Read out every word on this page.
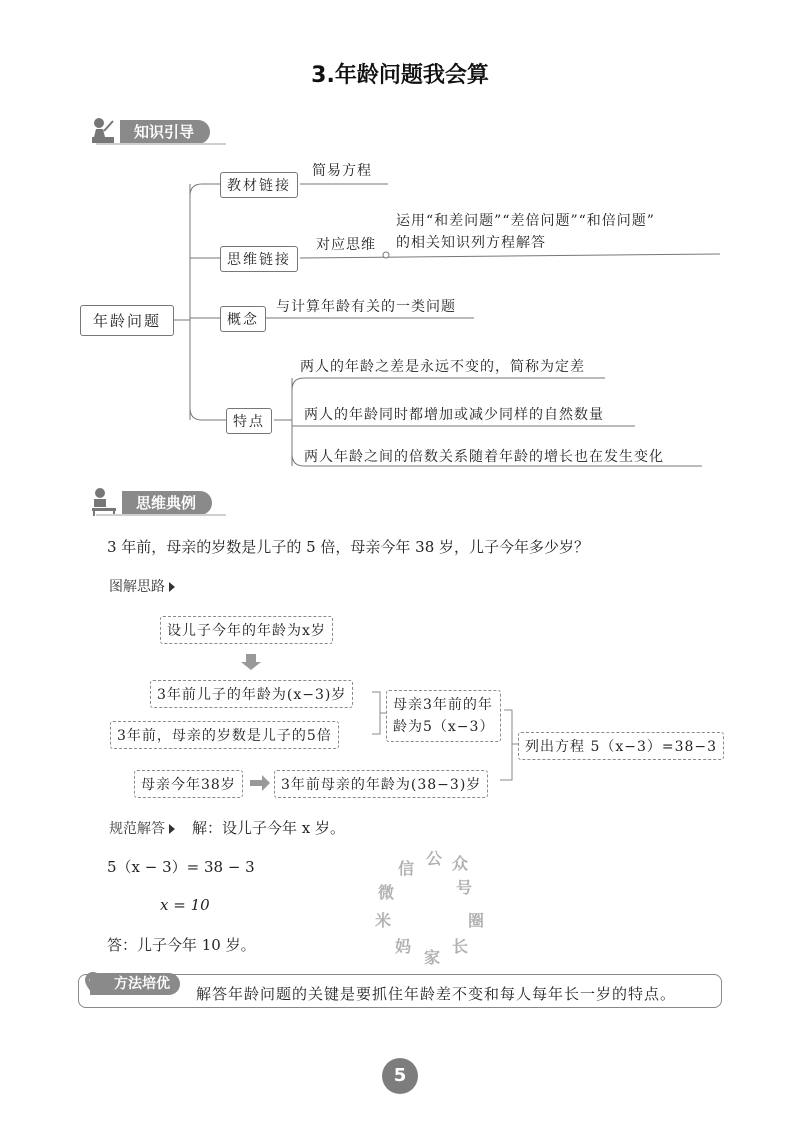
3.年龄问题我会算
知识引导
年龄问题
教材链接
简易方程
思维链接
对应思维
运用“和差问题”“差倍问题”“和倍问题”
的相关知识列方程解答
概念
与计算年龄有关的一类问题
特点
两人的年龄之差是永远不变的，简称为定差
两人的年龄同时都增加或减少同样的自然数量
两人年龄之间的倍数关系随着年龄的增长也在发生变化
思维典例
3 年前，母亲的岁数是儿子的 5 倍，母亲今年 38 岁，儿子今年多少岁？
图解思路
设儿子今年的年龄为x岁
3年前儿子的年龄为(x−3)岁
3年前，母亲的岁数是儿子的5倍
母亲3年前的年
龄为5（x−3）
列出方程 5（x−3）=38−3
母亲今年38岁	3年前母亲的年龄为(38−3)岁
规范解答	解：设儿子今年 x 岁。
5（x − 3）= 38 − 3
x = 10
答：儿子今年 10 岁。
号
众
公
信
微
米
妈
家
长
圈
方法培优
解答年龄问题的关键是要抓住年龄差不变和每人每年长一岁的特点。
5
